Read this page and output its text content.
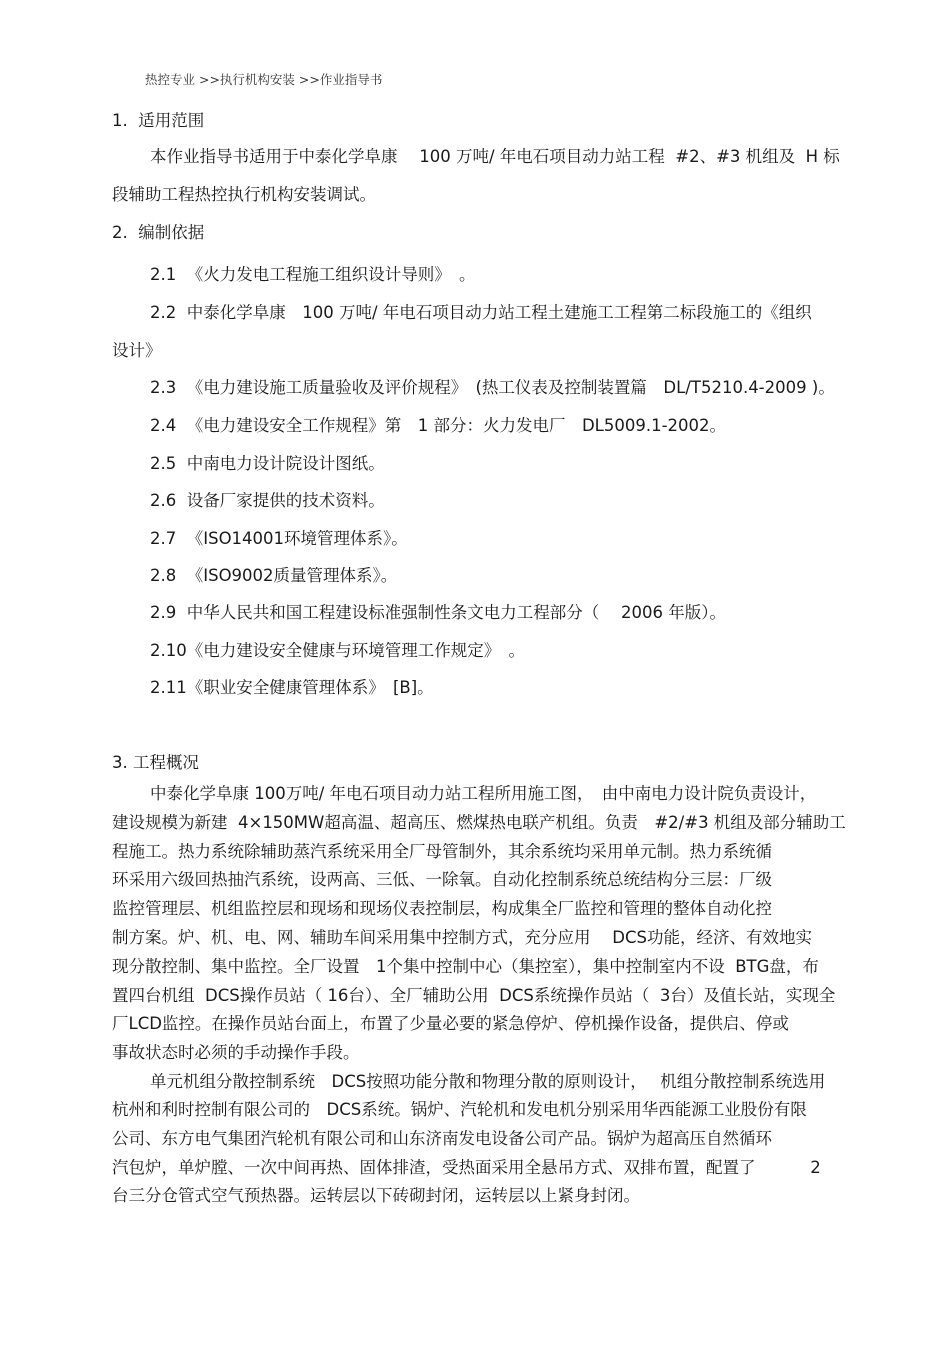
热控专业 >>执行机构安装 >>作业指导书
1.  适用范围
本作业指导书适用于中泰化学阜康　 100 万吨/ 年电石项目动力站工程  #2、#3 机组及  H 标
段辅助工程热控执行机构安装调试。
2.  编制依据
2.1  《火力发电工程施工组织设计导则》　。
2.2  中泰化学阜康　100 万吨/ 年电石项目动力站工程土建施工工程第二标段施工的《组织
设计》
2.3  《电力建设施工质量验收及评价规程》　(热工仪表及控制装置篇　DL/T5210.4-2009 )。
2.4  《电力建设安全工作规程》第　1 部分：火力发电厂　DL5009.1-2002。
2.5  中南电力设计院设计图纸。
2.6  设备厂家提供的技术资料。
2.7  《ISO14001环境管理体系》。
2.8  《ISO9002质量管理体系》。
2.9  中华人民共和国工程建设标准强制性条文电力工程部分（　 2006 年版）。
2.10《电力建设安全健康与环境管理工作规定》　。
2.11《职业安全健康管理体系》　[B]。
3. 工程概况
中泰化学阜康 100万吨/ 年电石项目动力站工程所用施工图，　由中南电力设计院负责设计，
建设规模为新建  4×150MW超高温、超高压、燃煤热电联产机组。负责　#2/#3 机组及部分辅助工
程施工。热力系统除辅助蒸汽系统采用全厂母管制外，其余系统均采用单元制。热力系统循
环采用六级回热抽汽系统，设两高、三低、一除氧。自动化控制系统总统结构分三层：厂级
监控管理层、机组监控层和现场和现场仪表控制层，构成集全厂监控和管理的整体自动化控
制方案。炉、机、电、网、辅助车间采用集中控制方式，充分应用　 DCS功能，经济、有效地实
现分散控制、集中监控。全厂设置　1个集中控制中心（集控室），集中控制室内不设  BTG盘，布
置四台机组  DCS操作员站（ 16台）、全厂辅助公用  DCS系统操作员站（  3台）及值长站，实现全
厂LCD监控。在操作员站台面上，布置了少量必要的紧急停炉、停机操作设备，提供启、停或
事故状态时必须的手动操作手段。
单元机组分散控制系统　DCS按照功能分散和物理分散的原则设计，　 机组分散控制系统选用
杭州和利时控制有限公司的　DCS系统。锅炉、汽轮机和发电机分别采用华西能源工业股份有限
公司、东方电气集团汽轮机有限公司和山东济南发电设备公司产品。锅炉为超高压自然循环
汽包炉，单炉膛、一次中间再热、固体排渣，受热面采用全悬吊方式、双排布置，配置了　　　 2
台三分仓管式空气预热器。运转层以下砖砌封闭，运转层以上紧身封闭。
